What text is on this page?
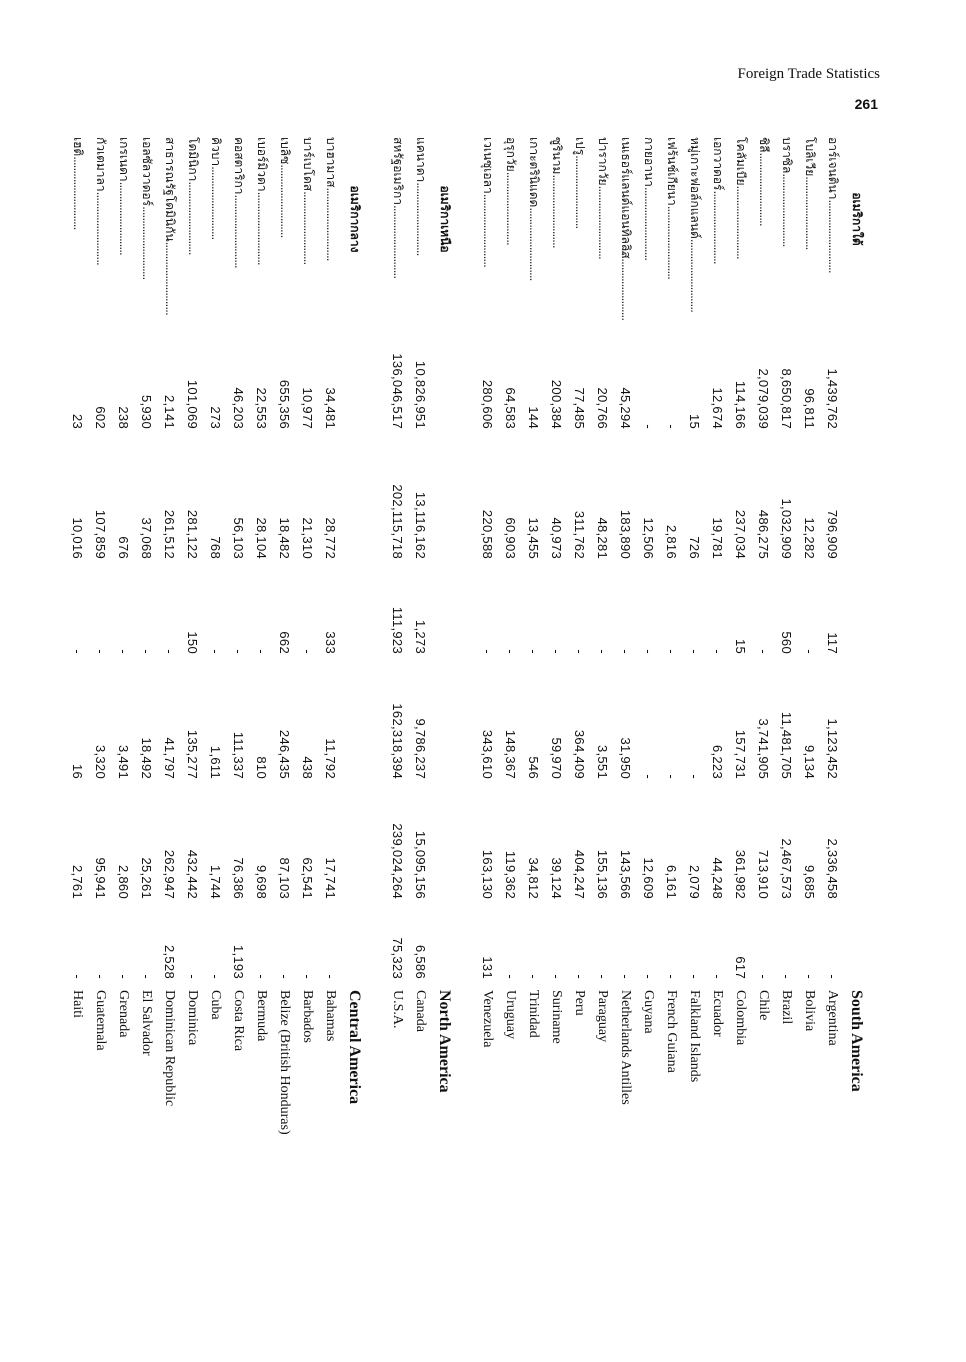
Foreign Trade Statistics
261
อเมริกาใต้							South America
อาร์เจนตินา..........................	1,439,762	796,909	117	1,123,452	2,336,458	-	Argentina
โบลิเวีย..........................	96,811	12,282	-	9,134	9,685	-	Bolivia
บราซิล..........................	8,650,817	1,032,909	560	11,481,705	2,467,573	-	Brazil
ชิลี..........................	2,079,039	486,275	-	3,741,905	713,910	-	Chile
โคลัมเบีย..........................	114,166	237,034	15	157,731	361,982	617	Colombia
เอกวาดอร์..........................	12,674	19,781	-	6,223	44,248	-	Ecuador
หมู่เกาะฟอล์กแลนด์..........................	15	726	-	-	2,079	-	Falkland Islands
เฟร้นช์เกียนา..........................	-	2,816	-	-	6,161	-	French Guiana
กายอานา..........................	-	12,506	-	-	12,609	-	Guyana
เนเธอร์แลนด์แอนทิลลิส..........................	45,294	183,890	-	31,950	143,566	-	Netherlands Antilles
ปารากวัย..........................	20,766	48,281	-	3,551	155,136	-	Paraguay
เปรู..........................	77,485	311,762	-	364,409	404,247	-	Peru
ซูรินาม..........................	200,384	40,973	-	59,970	39,124	-	Suriname
เกาะตรินิแดด..........................	144	13,455	-	546	34,812	-	Trinidad
อุรุกวัย..........................	64,583	60,903	-	148,367	119,362	-	Uruguay
เวเนซุเอลา..........................	280,606	220,588	-	343,610	163,130	131	Venezuela

อเมริกาเหนือ							North America
แคนาดา..........................	10,826,951	13,116,162	1,273	9,786,237	15,095,156	6,586	Canada
สหรัฐอเมริกา..........................	136,046,517	202,115,718	111,923	162,318,394	239,024,264	75,323	U.S.A.

อเมริกากลาง							Central America
บาฮามาส..........................	34,481	28,772	333	11,792	17,741	-	Bahamas
บาร์เบโดส..........................	10,977	21,310	-	438	62,541	-	Barbados
เบลิซ..........................	655,356	18,482	662	246,435	87,103	-	Belize (British Honduras)
เบอร์มิวดา..........................	22,553	28,104	-	810	9,698	-	Bermuda
คอสตาริกา..........................	46,203	56,103	-	111,337	76,386	1,193	Costa Rica
คิวบา..........................	273	768	-	1,611	1,744	-	Cuba
โดมินิกา..........................	101,069	281,122	150	135,277	432,442	-	Dominica
สาธารณรัฐโดมินิกัน..........................	2,141	261,512	-	41,797	262,947	2,528	Dominican Republic
เอลซัลวาดอร์..........................	5,930	37,068	-	18,492	25,261	-	El Salvador
เกรเนดา..........................	238	676	-	3,491	2,860	-	Grenada
กัวเตมาลา..........................	602	107,859	-	3,320	95,941	-	Guatemala
เฮติ..........................	23	10,016	-	16	2,761	-	Haiti
